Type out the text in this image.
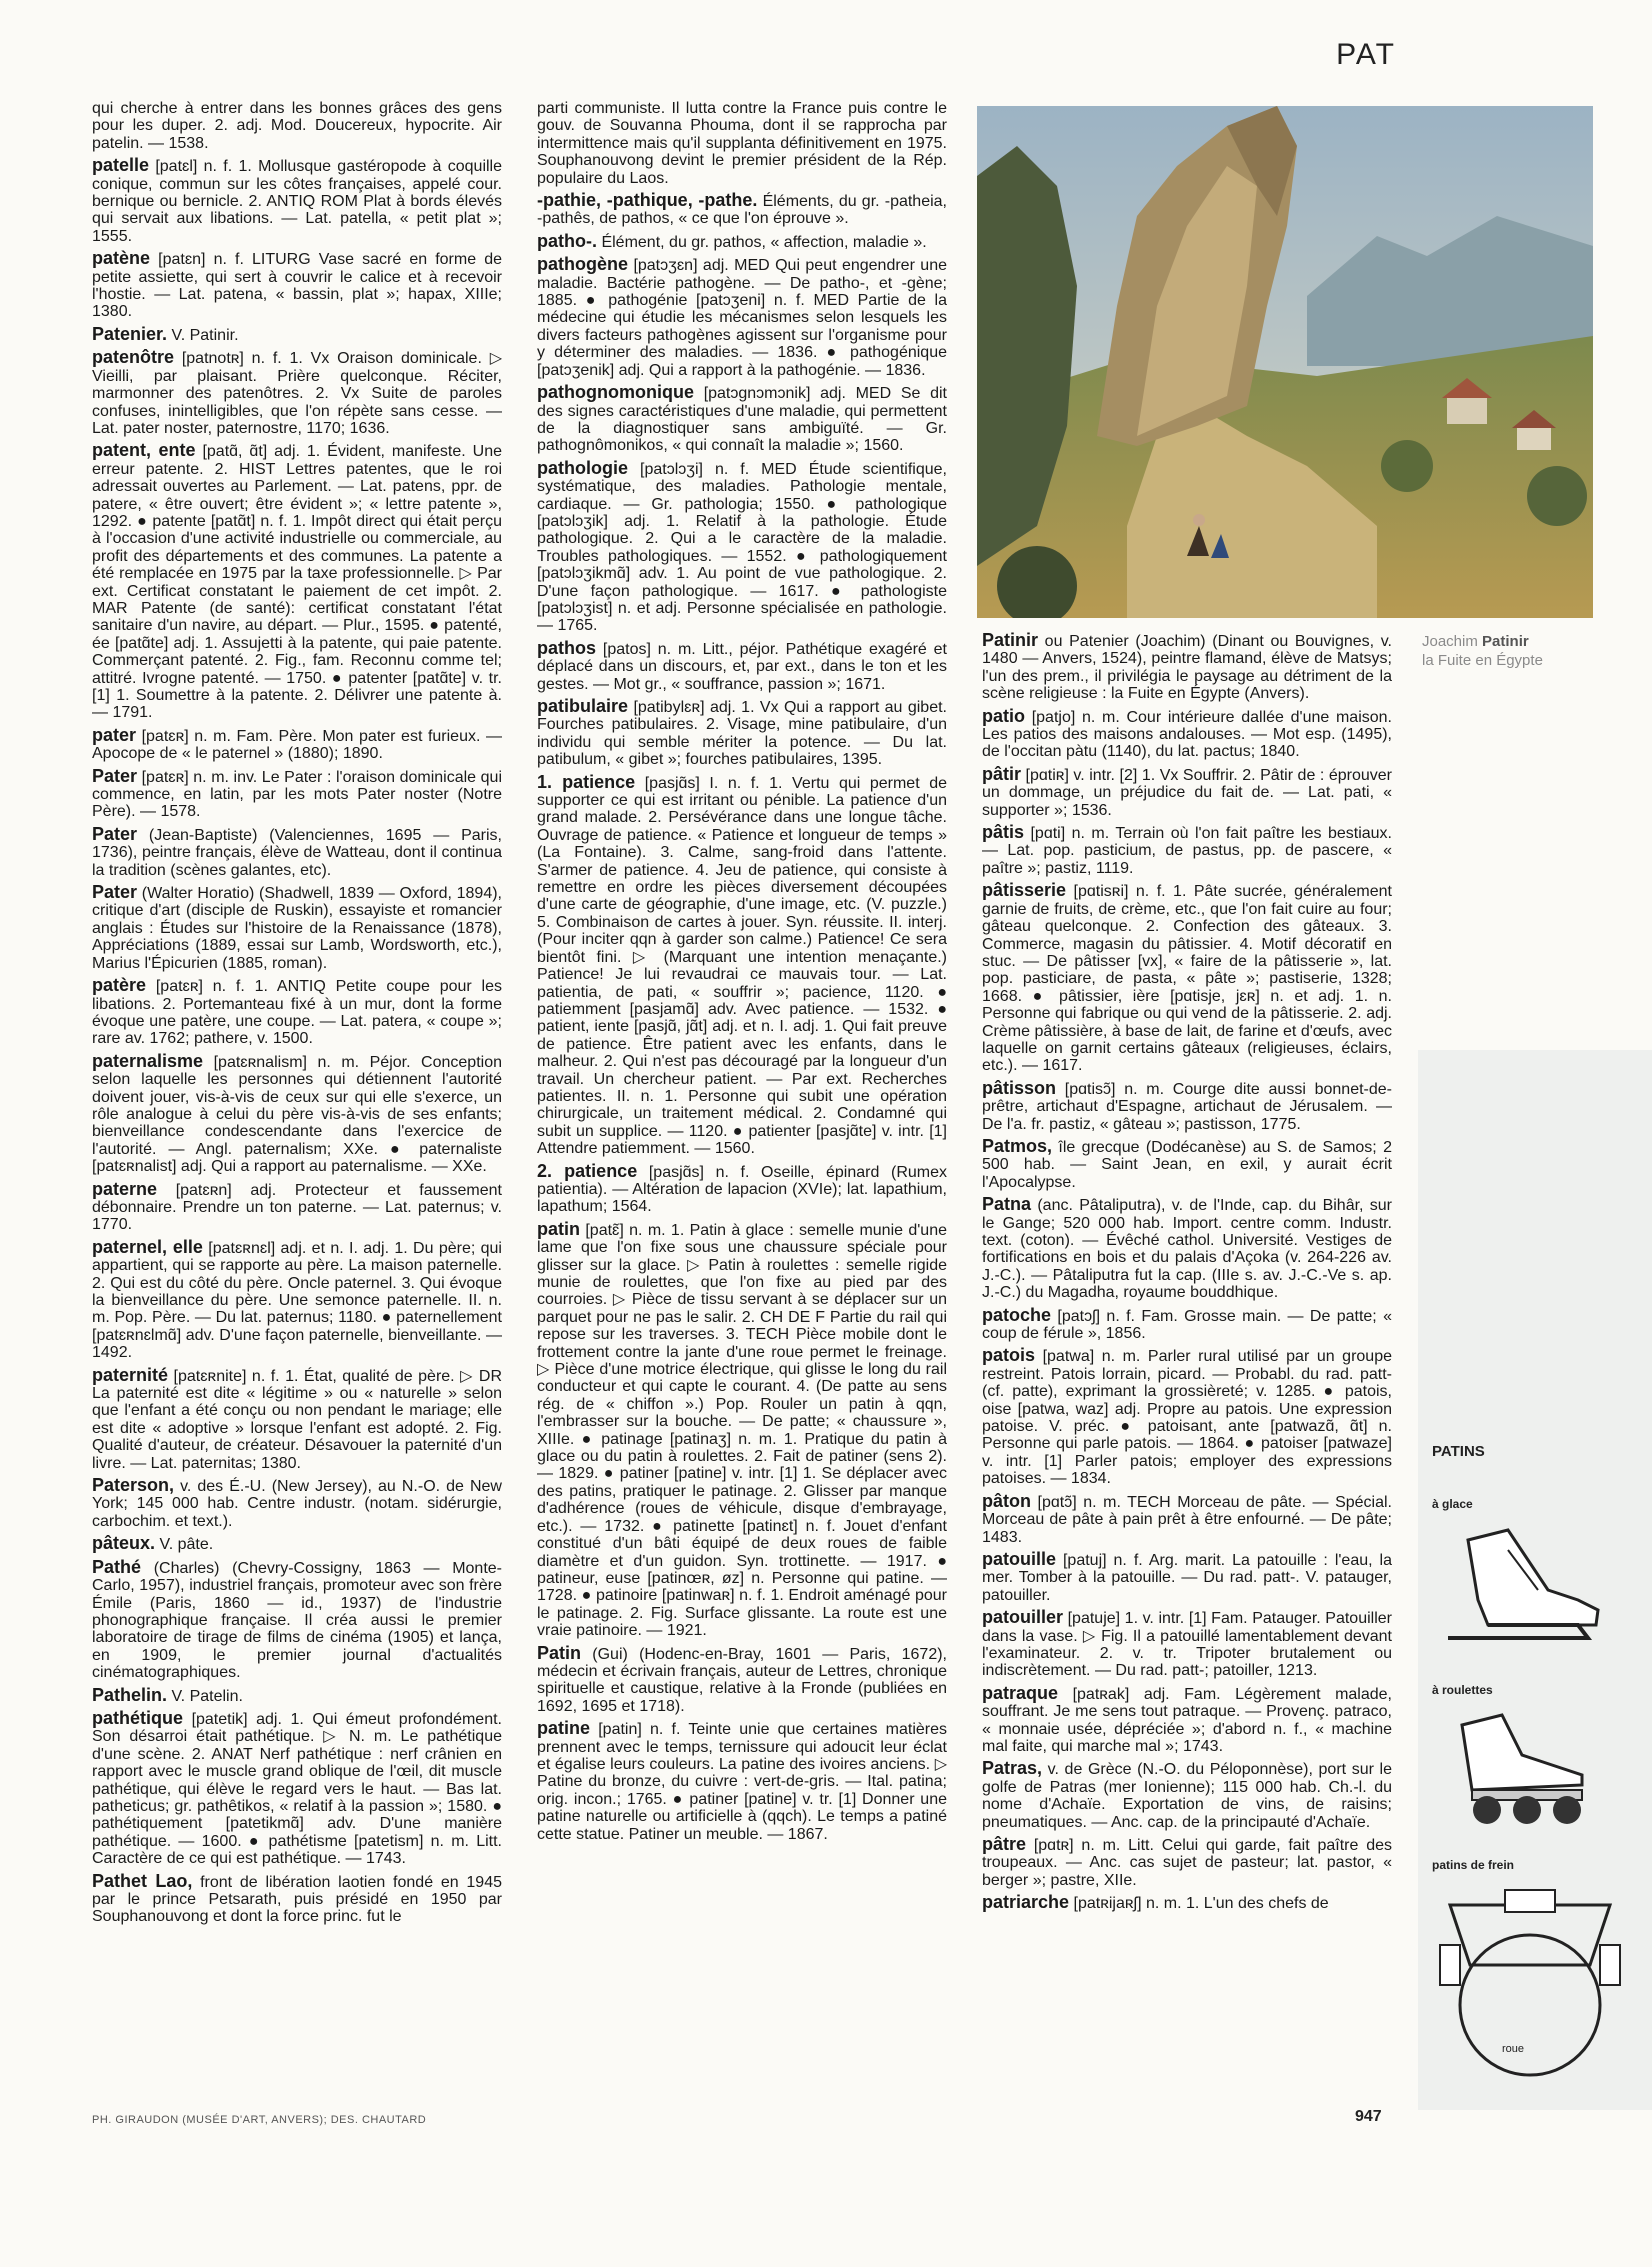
PAT

qui cherche à entrer dans les bonnes grâces des gens pour les duper. 2. adj. Mod. Doucereux, hypocrite. Air patelin. — 1538.

patelle [patɛl] n. f. 1. Mollusque gastéropode à coquille conique, commun sur les côtes françaises, appelé cour. bernique ou bernicle. 2. ANTIQ ROM Plat à bords élevés qui servait aux libations. — Lat. patella, « petit plat »; 1555.

patène [patɛn] n. f. LITURG Vase sacré en forme de petite assiette, qui sert à couvrir le calice et à recevoir l'hostie. — Lat. patena, « bassin, plat »; hapax, XIIIe; 1380.

Patenier. V. Patinir.

patenôtre [patnotʀ] n. f. 1. Vx Oraison dominicale. ▷ Vieilli, par plaisant. Prière quelconque. Réciter, marmonner des patenôtres. 2. Vx Suite de paroles confuses, inintelligibles, que l'on répète sans cesse. — Lat. pater noster, paternostre, 1170; 1636.

patent, ente [patɑ̃, ɑ̃t] adj. 1. Évident, manifeste. Une erreur patente. 2. HIST Lettres patentes, que le roi adressait ouvertes au Parlement. — Lat. patens, ppr. de patere, « être ouvert; être évident »; « lettre patente », 1292. ● patente [patɑ̃t] n. f. 1. Impôt direct qui était perçu à l'occasion d'une activité industrielle ou commerciale, au profit des départements et des communes. La patente a été remplacée en 1975 par la taxe professionnelle. ▷ Par ext. Certificat constatant le paiement de cet impôt. 2. MAR Patente (de santé): certificat constatant l'état sanitaire d'un navire, au départ. — Plur., 1595. ● patenté, ée [patɑ̃te] adj. 1. Assujetti à la patente, qui paie patente. Commerçant patenté. 2. Fig., fam. Reconnu comme tel; attitré. Ivrogne patenté. — 1750. ● patenter [patɑ̃te] v. tr. [1] 1. Soumettre à la patente. 2. Délivrer une patente à. — 1791.

pater [patɛʀ] n. m. Fam. Père. Mon pater est furieux. — Apocope de « le paternel » (1880); 1890.

Pater [patɛʀ] n. m. inv. Le Pater : l'oraison dominicale qui commence, en latin, par les mots Pater noster (Notre Père). — 1578.

Pater (Jean-Baptiste) (Valenciennes, 1695 — Paris, 1736), peintre français, élève de Watteau, dont il continua la tradition (scènes galantes, etc).

Pater (Walter Horatio) (Shadwell, 1839 — Oxford, 1894), critique d'art (disciple de Ruskin), essayiste et romancier anglais : Études sur l'histoire de la Renaissance (1878), Appréciations (1889, essai sur Lamb, Wordsworth, etc.), Marius l'Épicurien (1885, roman).

patère [patɛʀ] n. f. 1. ANTIQ Petite coupe pour les libations. 2. Portemanteau fixé à un mur, dont la forme évoque une patère, une coupe. — Lat. patera, « coupe »; rare av. 1762; pathere, v. 1500.

paternalisme [patɛʀnalism] n. m. Péjor. Conception selon laquelle les personnes qui détiennent l'autorité doivent jouer, vis-à-vis de ceux sur qui elle s'exerce, un rôle analogue à celui du père vis-à-vis de ses enfants; bienveillance condescendante dans l'exercice de l'autorité. — Angl. paternalism; XXe. ● paternaliste [patɛʀnalist] adj. Qui a rapport au paternalisme. — XXe.

paterne [patɛʀn] adj. Protecteur et faussement débonnaire. Prendre un ton paterne. — Lat. paternus; v. 1770.

paternel, elle [patɛʀnɛl] adj. et n. I. adj. 1. Du père; qui appartient, qui se rapporte au père. La maison paternelle. 2. Qui est du côté du père. Oncle paternel. 3. Qui évoque la bienveillance du père. Une semonce paternelle. II. n. m. Pop. Père. — Du lat. paternus; 1180. ● paternellement [patɛʀnɛlmɑ̃] adv. D'une façon paternelle, bienveillante. — 1492.

paternité [patɛʀnite] n. f. 1. État, qualité de père. ▷ DR La paternité est dite « légitime » ou « naturelle » selon que l'enfant a été conçu ou non pendant le mariage; elle est dite « adoptive » lorsque l'enfant est adopté. 2. Fig. Qualité d'auteur, de créateur. Désavouer la paternité d'un livre. — Lat. paternitas; 1380.

Paterson, v. des É.-U. (New Jersey), au N.-O. de New York; 145 000 hab. Centre industr. (notam. sidérurgie, carbochim. et text.).

pâteux. V. pâte.

Pathé (Charles) (Chevry-Cossigny, 1863 — Monte-Carlo, 1957), industriel français, promoteur avec son frère Émile (Paris, 1860 — id., 1937) de l'industrie phonographique française. Il créa aussi le premier laboratoire de tirage de films de cinéma (1905) et lança, en 1909, le premier journal d'actualités cinématographiques.

Pathelin. V. Patelin.

pathétique [patetik] adj. 1. Qui émeut profondément. Son désarroi était pathétique. ▷ N. m. Le pathétique d'une scène. 2. ANAT Nerf pathétique : nerf crânien en rapport avec le muscle grand oblique de l'œil, dit muscle pathétique, qui élève le regard vers le haut. — Bas lat. patheticus; gr. pathêtikos, « relatif à la passion »; 1580. ● pathétiquement [patetikmɑ̃] adv. D'une manière pathétique. — 1600. ● pathétisme [patetism] n. m. Litt. Caractère de ce qui est pathétique. — 1743.

Pathet Lao, front de libération laotien fondé en 1945 par le prince Petsarath, puis présidé en 1950 par Souphanouvong et dont la force princ. fut le

parti communiste. Il lutta contre la France puis contre le gouv. de Souvanna Phouma, dont il se rapprocha par intermittence mais qu'il supplanta définitivement en 1975. Souphanouvong devint le premier président de la Rép. populaire du Laos.

-pathie, -pathique, -pathe. Éléments, du gr. -patheia, -pathês, de pathos, « ce que l'on éprouve ».

patho-. Élément, du gr. pathos, « affection, maladie ».

pathogène [patɔʒɛn] adj. MED Qui peut engendrer une maladie. Bactérie pathogène. — De patho-, et -gène; 1885. ● pathogénie [patɔʒeni] n. f. MED Partie de la médecine qui étudie les mécanismes selon lesquels les divers facteurs pathogènes agissent sur l'organisme pour y déterminer des maladies. — 1836. ● pathogénique [patɔʒenik] adj. Qui a rapport à la pathogénie. — 1836.

pathognomonique [patɔgnɔmɔnik] adj. MED Se dit des signes caractéristiques d'une maladie, qui permettent de la diagnostiquer sans ambiguïté. — Gr. pathognômonikos, « qui connaît la maladie »; 1560.

pathologie [patɔlɔʒi] n. f. MED Étude scientifique, systématique, des maladies. Pathologie mentale, cardiaque. — Gr. pathologia; 1550. ● pathologique [patɔlɔʒik] adj. 1. Relatif à la pathologie. Étude pathologique. 2. Qui a le caractère de la maladie. Troubles pathologiques. — 1552. ● pathologiquement [patɔlɔʒikmɑ̃] adv. 1. Au point de vue pathologique. 2. D'une façon pathologique. — 1617. ● pathologiste [patɔlɔʒist] n. et adj. Personne spécialisée en pathologie. — 1765.

pathos [patos] n. m. Litt., péjor. Pathétique exagéré et déplacé dans un discours, et, par ext., dans le ton et les gestes. — Mot gr., « souffrance, passion »; 1671.

patibulaire [patibylɛʀ] adj. 1. Vx Qui a rapport au gibet. Fourches patibulaires. 2. Visage, mine patibulaire, d'un individu qui semble mériter la potence. — Du lat. patibulum, « gibet »; fourches patibulaires, 1395.

1. patience [pasjɑ̃s] I. n. f. 1. Vertu qui permet de supporter ce qui est irritant ou pénible. La patience d'un grand malade. 2. Persévérance dans une longue tâche. Ouvrage de patience. « Patience et longueur de temps » (La Fontaine). 3. Calme, sang-froid dans l'attente. S'armer de patience. 4. Jeu de patience, qui consiste à remettre en ordre les pièces diversement découpées d'une carte de géographie, d'une image, etc. (V. puzzle.) 5. Combinaison de cartes à jouer. Syn. réussite. II. interj. (Pour inciter qqn à garder son calme.) Patience! Ce sera bientôt fini. ▷ (Marquant une intention menaçante.) Patience! Je lui revaudrai ce mauvais tour. — Lat. patientia, de pati, « souffrir »; pacience, 1120. ● patiemment [pasjamɑ̃] adv. Avec patience. — 1532. ● patient, iente [pasjɑ̃, jɑ̃t] adj. et n. I. adj. 1. Qui fait preuve de patience. Être patient avec les enfants, dans le malheur. 2. Qui n'est pas découragé par la longueur d'un travail. Un chercheur patient. — Par ext. Recherches patientes. II. n. 1. Personne qui subit une opération chirurgicale, un traitement médical. 2. Condamné qui subit un supplice. — 1120. ● patienter [pasjɑ̃te] v. intr. [1] Attendre patiemment. — 1560.

2. patience [pasjɑ̃s] n. f. Oseille, épinard (Rumex patientia). — Altération de lapacion (XVIe); lat. lapathium, lapathum; 1564.

patin [patɛ̃] n. m. 1. Patin à glace : semelle munie d'une lame que l'on fixe sous une chaussure spéciale pour glisser sur la glace. ▷ Patin à roulettes : semelle rigide munie de roulettes, que l'on fixe au pied par des courroies. ▷ Pièce de tissu servant à se déplacer sur un parquet pour ne pas le salir. 2. CH DE F Partie du rail qui repose sur les traverses. 3. TECH Pièce mobile dont le frottement contre la jante d'une roue permet le freinage. ▷ Pièce d'une motrice électrique, qui glisse le long du rail conducteur et qui capte le courant. 4. (De patte au sens rég. de « chiffon ».) Pop. Rouler un patin à qqn, l'embrasser sur la bouche. — De patte; « chaussure », XIIIe. ● patinage [patinaʒ] n. m. 1. Pratique du patin à glace ou du patin à roulettes. 2. Fait de patiner (sens 2). — 1829. ● patiner [patine] v. intr. [1] 1. Se déplacer avec des patins, pratiquer le patinage. 2. Glisser par manque d'adhérence (roues de véhicule, disque d'embrayage, etc.). — 1732. ● patinette [patinɛt] n. f. Jouet d'enfant constitué d'un bâti équipé de deux roues de faible diamètre et d'un guidon. Syn. trottinette. — 1917. ● patineur, euse [patinœʀ, øz] n. Personne qui patine. — 1728. ● patinoire [patinwaʀ] n. f. 1. Endroit aménagé pour le patinage. 2. Fig. Surface glissante. La route est une vraie patinoire. — 1921.

Patin (Gui) (Hodenc-en-Bray, 1601 — Paris, 1672), médecin et écrivain français, auteur de Lettres, chronique spirituelle et caustique, relative à la Fronde (publiées en 1692, 1695 et 1718).

patine [patin] n. f. Teinte unie que certaines matières prennent avec le temps, ternissure qui adoucit leur éclat et égalise leurs couleurs. La patine des ivoires anciens. ▷ Patine du bronze, du cuivre : vert-de-gris. — Ital. patina; orig. incon.; 1765. ● patiner [patine] v. tr. [1] Donner une patine naturelle ou artificielle à (qqch). Le temps a patiné cette statue. Patiner un meuble. — 1867.

Joachim Patinir
la Fuite en Égypte

Patinir ou Patenier (Joachim) (Dinant ou Bouvignes, v. 1480 — Anvers, 1524), peintre flamand, élève de Matsys; l'un des prem., il privilégia le paysage au détriment de la scène religieuse : la Fuite en Égypte (Anvers).

patio [patjo] n. m. Cour intérieure dallée d'une maison. Les patios des maisons andalouses. — Mot esp. (1495), de l'occitan pàtu (1140), du lat. pactus; 1840.

pâtir [pɑtiʀ] v. intr. [2] 1. Vx Souffrir. 2. Pâtir de : éprouver un dommage, un préjudice du fait de. — Lat. pati, « supporter »; 1536.

pâtis [pɑti] n. m. Terrain où l'on fait paître les bestiaux. — Lat. pop. pasticium, de pastus, pp. de pascere, « paître »; pastiz, 1119.

pâtisserie [pɑtisʀi] n. f. 1. Pâte sucrée, généralement garnie de fruits, de crème, etc., que l'on fait cuire au four; gâteau quelconque. 2. Confection des gâteaux. 3. Commerce, magasin du pâtissier. 4. Motif décoratif en stuc. — De pâtisser [vx], « faire de la pâtisserie », lat. pop. pasticiare, de pasta, « pâte »; pastiserie, 1328; 1668. ● pâtissier, ière [pɑtisje, jɛʀ] n. et adj. 1. n. Personne qui fabrique ou qui vend de la pâtisserie. 2. adj. Crème pâtissière, à base de lait, de farine et d'œufs, avec laquelle on garnit certains gâteaux (religieuses, éclairs, etc.). — 1617.

pâtisson [pɑtisɔ̃] n. m. Courge dite aussi bonnet-de-prêtre, artichaut d'Espagne, artichaut de Jérusalem. — De l'a. fr. pastiz, « gâteau »; pastisson, 1775.

Patmos, île grecque (Dodécanèse) au S. de Samos; 2 500 hab. — Saint Jean, en exil, y aurait écrit l'Apocalypse.

Patna (anc. Pâtaliputra), v. de l'Inde, cap. du Bihâr, sur le Gange; 520 000 hab. Import. centre comm. Industr. text. (coton). — Évêché cathol. Université. Vestiges de fortifications en bois et du palais d'Açoka (v. 264-226 av. J.-C.). — Pâtaliputra fut la cap. (IIIe s. av. J.-C.-Ve s. ap. J.-C.) du Magadha, royaume bouddhique.

patoche [patɔʃ] n. f. Fam. Grosse main. — De patte; « coup de férule », 1856.

patois [patwa] n. m. Parler rural utilisé par un groupe restreint. Patois lorrain, picard. — Probabl. du rad. patt- (cf. patte), exprimant la grossièreté; v. 1285. ● patois, oise [patwa, waz] adj. Propre au patois. Une expression patoise. V. préc. ● patoisant, ante [patwazɑ̃, ɑ̃t] n. Personne qui parle patois. — 1864. ● patoiser [patwaze] v. intr. [1] Parler patois; employer des expressions patoises. — 1834.

pâton [pɑtɔ̃] n. m. TECH Morceau de pâte. — Spécial. Morceau de pâte à pain prêt à être enfourné. — De pâte; 1483.

patouille [patuj] n. f. Arg. marit. La patouille : l'eau, la mer. Tomber à la patouille. — Du rad. patt-. V. patauger, patouiller.

patouiller [patuje] 1. v. intr. [1] Fam. Patauger. Patouiller dans la vase. ▷ Fig. Il a patouillé lamentablement devant l'examinateur. 2. v. tr. Tripoter brutalement ou indiscrètement. — Du rad. patt-; patoiller, 1213.

patraque [patʀak] adj. Fam. Légèrement malade, souffrant. Je me sens tout patraque. — Provenç. patraco, « monnaie usée, dépréciée »; d'abord n. f., « machine mal faite, qui marche mal »; 1743.

Patras, v. de Grèce (N.-O. du Péloponnèse), port sur le golfe de Patras (mer Ionienne); 115 000 hab. Ch.-l. du nome d'Achaïe. Exportation de vins, de raisins; pneumatiques. — Anc. cap. de la principauté d'Achaïe.

pâtre [pɑtʀ] n. m. Litt. Celui qui garde, fait paître des troupeaux. — Anc. cas sujet de pasteur; lat. pastor, « berger »; pastre, XIIe.

patriarche [patʀijaʀʃ] n. m. 1. L'un des chefs de

PATINS
à glace
à roulettes
patins de frein
roue
PH. GIRAUDON (MUSÉE D'ART, ANVERS); DES. CHAUTARD	947
